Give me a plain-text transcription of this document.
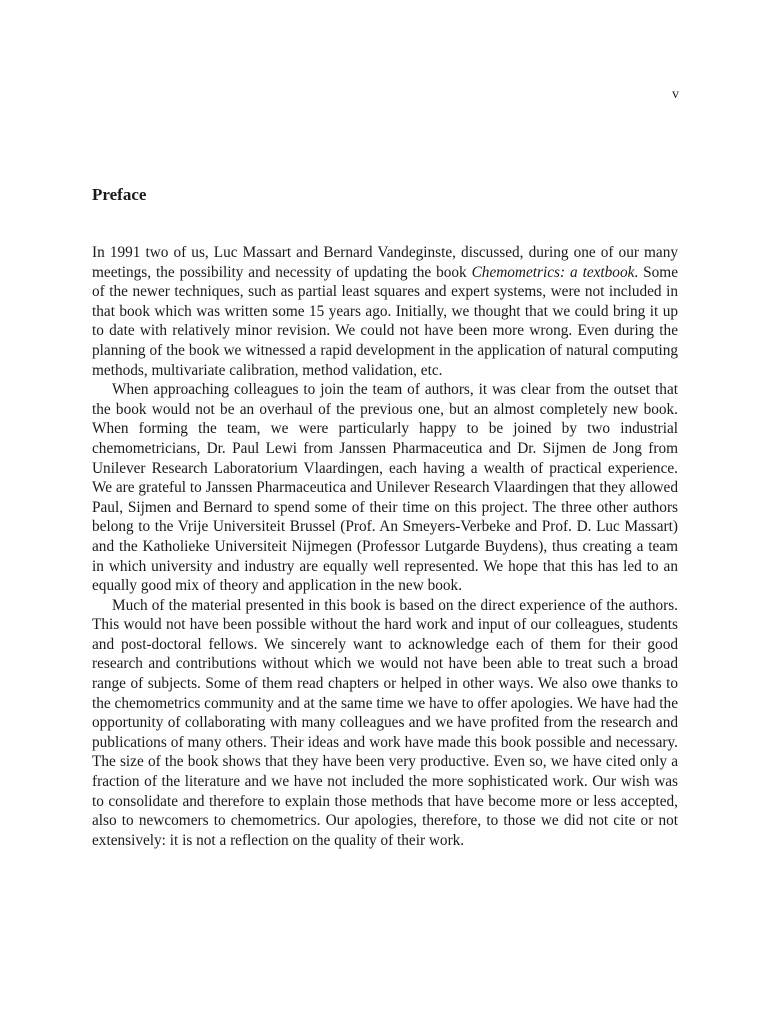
v
Preface

In 1991 two of us, Luc Massart and Bernard Vandeginste, discussed, during one of our many meetings, the possibility and necessity of updating the book Chemometrics: a textbook. Some of the newer techniques, such as partial least squares and expert systems, were not included in that book which was written some 15 years ago. Initially, we thought that we could bring it up to date with relatively minor revision. We could not have been more wrong. Even during the planning of the book we witnessed a rapid development in the application of natural computing methods, multivariate calibration, method validation, etc.

When approaching colleagues to join the team of authors, it was clear from the outset that the book would not be an overhaul of the previous one, but an almost completely new book. When forming the team, we were particularly happy to be joined by two industrial chemometricians, Dr. Paul Lewi from Janssen Pharmaceutica and Dr. Sijmen de Jong from Unilever Research Laboratorium Vlaardingen, each having a wealth of practical experience. We are grateful to Janssen Pharmaceutica and Unilever Research Vlaardingen that they allowed Paul, Sijmen and Bernard to spend some of their time on this project. The three other authors belong to the Vrije Universiteit Brussel (Prof. An Smeyers-Verbeke and Prof. D. Luc Massart) and the Katholieke Universiteit Nijmegen (Professor Lutgarde Buydens), thus creating a team in which university and industry are equally well represented. We hope that this has led to an equally good mix of theory and application in the new book.

Much of the material presented in this book is based on the direct experience of the authors. This would not have been possible without the hard work and input of our colleagues, students and post-doctoral fellows. We sincerely want to acknowledge each of them for their good research and contributions without which we would not have been able to treat such a broad range of subjects. Some of them read chapters or helped in other ways. We also owe thanks to the chemometrics community and at the same time we have to offer apologies. We have had the opportunity of collaborating with many colleagues and we have profited from the research and publications of many others. Their ideas and work have made this book possible and necessary. The size of the book shows that they have been very productive. Even so, we have cited only a fraction of the literature and we have not included the more sophisticated work. Our wish was to consolidate and therefore to explain those methods that have become more or less accepted, also to newcomers to chemometrics. Our apologies, therefore, to those we did not cite or not extensively: it is not a reflection on the quality of their work.
